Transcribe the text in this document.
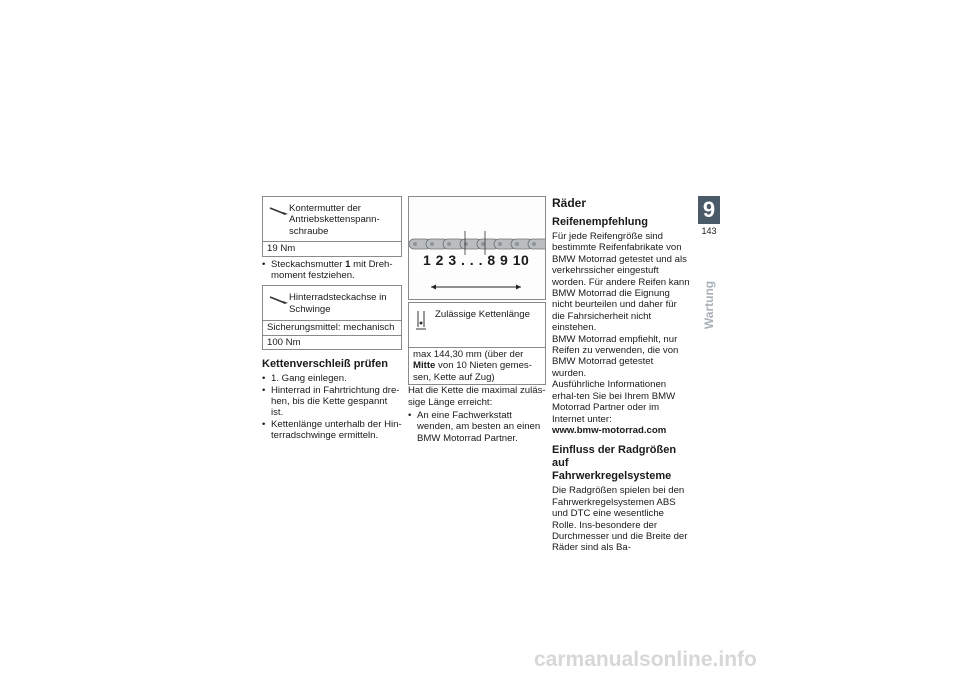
Kontermutter der Antriebskettenspann-schraube
19 Nm
• Steckachsmutter 1 mit Dreh-moment festziehen.
Hinterradsteckachse in Schwinge
Sicherungsmittel: mechanisch
100 Nm
Kettenverschleiß prüfen
• 1. Gang einlegen.
• Hinterrad in Fahrtrichtung dre-hen, bis die Kette gespannt ist.
• Kettenlänge unterhalb der Hin-terradschwinge ermitteln.
1 2 3 . . . 8 9 10
Zulässige Kettenlänge
max 144,30 mm (über der Mitte von 10 Nieten gemes-sen, Kette auf Zug)

Hat die Kette die maximal zuläs-sige Länge erreicht:

• An eine Fachwerkstatt wenden, am besten an einen BMW Motorrad Partner.
Räder
Reifenempfehlung

Für jede Reifengröße sind bestimmte Reifenfabrikate von BMW Motorrad getestet und als verkehrssicher eingestuft worden. Für andere Reifen kann BMW Motorrad die Eignung nicht beurteilen und daher für die Fahrsicherheit nicht einstehen.

BMW Motorrad empfiehlt, nur Reifen zu verwenden, die von BMW Motorrad getestet wurden.

Ausführliche Informationen erhal-ten Sie bei Ihrem BMW Motorrad Partner oder im Internet unter:

www.bmw-motorrad.com

Einfluss der Radgrößen auf Fahrwerkregelsysteme

Die Radgrößen spielen bei den Fahrwerkregelsystemen ABS und DTC eine wesentliche Rolle. Ins-besondere der Durchmesser und die Breite der Räder sind als Ba-

9
143
Wartung
carmanualsonline.info
